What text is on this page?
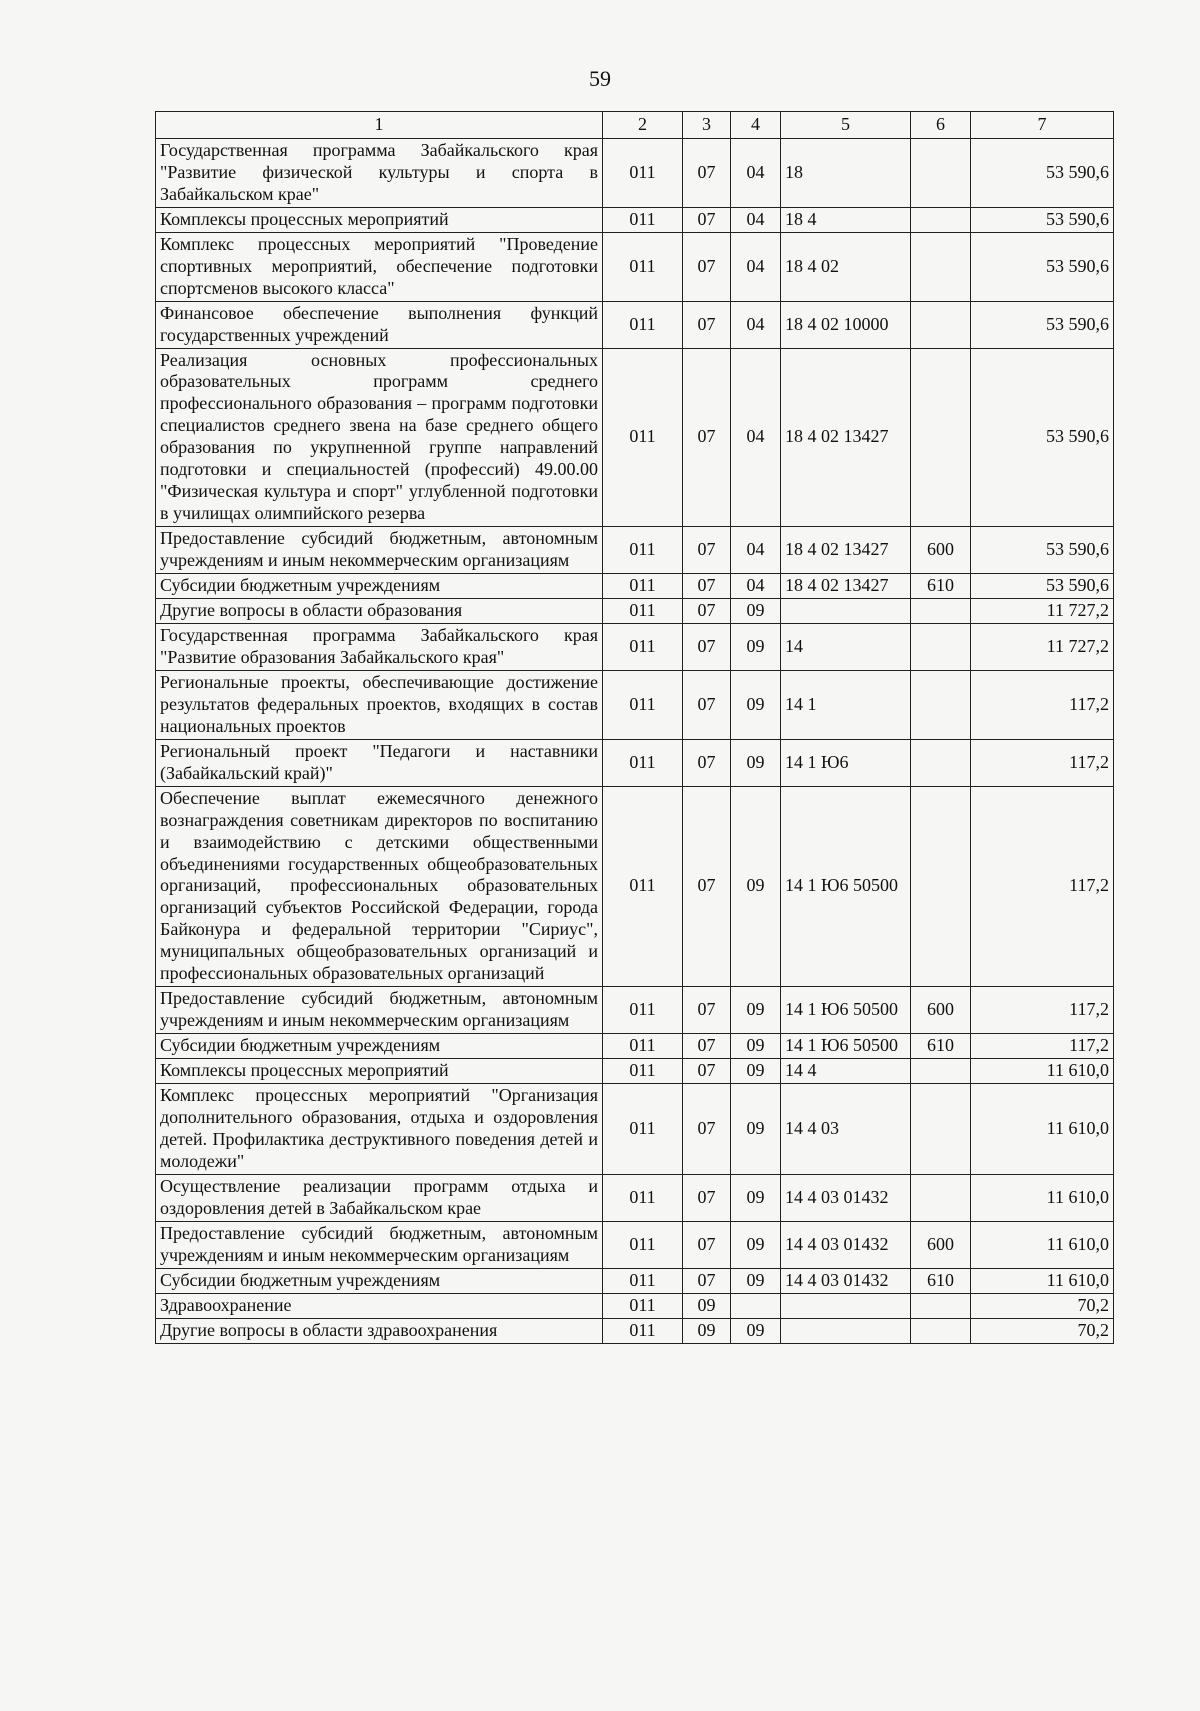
59
1	2	3	4	5	6	7
Государственная программа Забайкальского края "Развитие физической культуры и спорта в Забайкальском крае"	011	07	04	18		53 590,6
Комплексы процессных мероприятий	011	07	04	18 4		53 590,6
Комплекс процессных мероприятий "Проведение спортивных мероприятий, обеспечение подготовки спортсменов высокого класса"	011	07	04	18 4 02		53 590,6
Финансовое обеспечение выполнения функций государственных учреждений	011	07	04	18 4 02 10000		53 590,6
Реализация основных профессиональных образовательных программ среднего профессионального образования – программ подготовки специалистов среднего звена на базе среднего общего образования по укрупненной группе направлений подготовки и специальностей (профессий) 49.00.00 "Физическая культура и спорт" углубленной подготовки в училищах олимпийского резерва	011	07	04	18 4 02 13427		53 590,6
Предоставление субсидий бюджетным, автономным учреждениям и иным некоммерческим организациям	011	07	04	18 4 02 13427	600	53 590,6
Субсидии бюджетным учреждениям	011	07	04	18 4 02 13427	610	53 590,6
Другие вопросы в области образования	011	07	09			11 727,2
Государственная программа Забайкальского края "Развитие образования Забайкальского края"	011	07	09	14		11 727,2
Региональные проекты, обеспечивающие достижение результатов федеральных проектов, входящих в состав национальных проектов	011	07	09	14 1		117,2
Региональный проект "Педагоги и наставники (Забайкальский край)"	011	07	09	14 1 Ю6		117,2
Обеспечение выплат ежемесячного денежного вознаграждения советникам директоров по воспитанию и взаимодействию с детскими общественными объединениями государственных общеобразовательных организаций, профессиональных образовательных организаций субъектов Российской Федерации, города Байконура и федеральной территории "Сириус", муниципальных общеобразовательных организаций и профессиональных образовательных организаций	011	07	09	14 1 Ю6 50500		117,2
Предоставление субсидий бюджетным, автономным учреждениям и иным некоммерческим организациям	011	07	09	14 1 Ю6 50500	600	117,2
Субсидии бюджетным учреждениям	011	07	09	14 1 Ю6 50500	610	117,2
Комплексы процессных мероприятий	011	07	09	14 4		11 610,0
Комплекс процессных мероприятий "Организация дополнительного образования, отдыха и оздоровления детей. Профилактика деструктивного поведения детей и молодежи"	011	07	09	14 4 03		11 610,0
Осуществление реализации программ отдыха и оздоровления детей в Забайкальском крае	011	07	09	14 4 03 01432		11 610,0
Предоставление субсидий бюджетным, автономным учреждениям и иным некоммерческим организациям	011	07	09	14 4 03 01432	600	11 610,0
Субсидии бюджетным учреждениям	011	07	09	14 4 03 01432	610	11 610,0
Здравоохранение	011	09				70,2
Другие вопросы в области здравоохранения	011	09	09			70,2
